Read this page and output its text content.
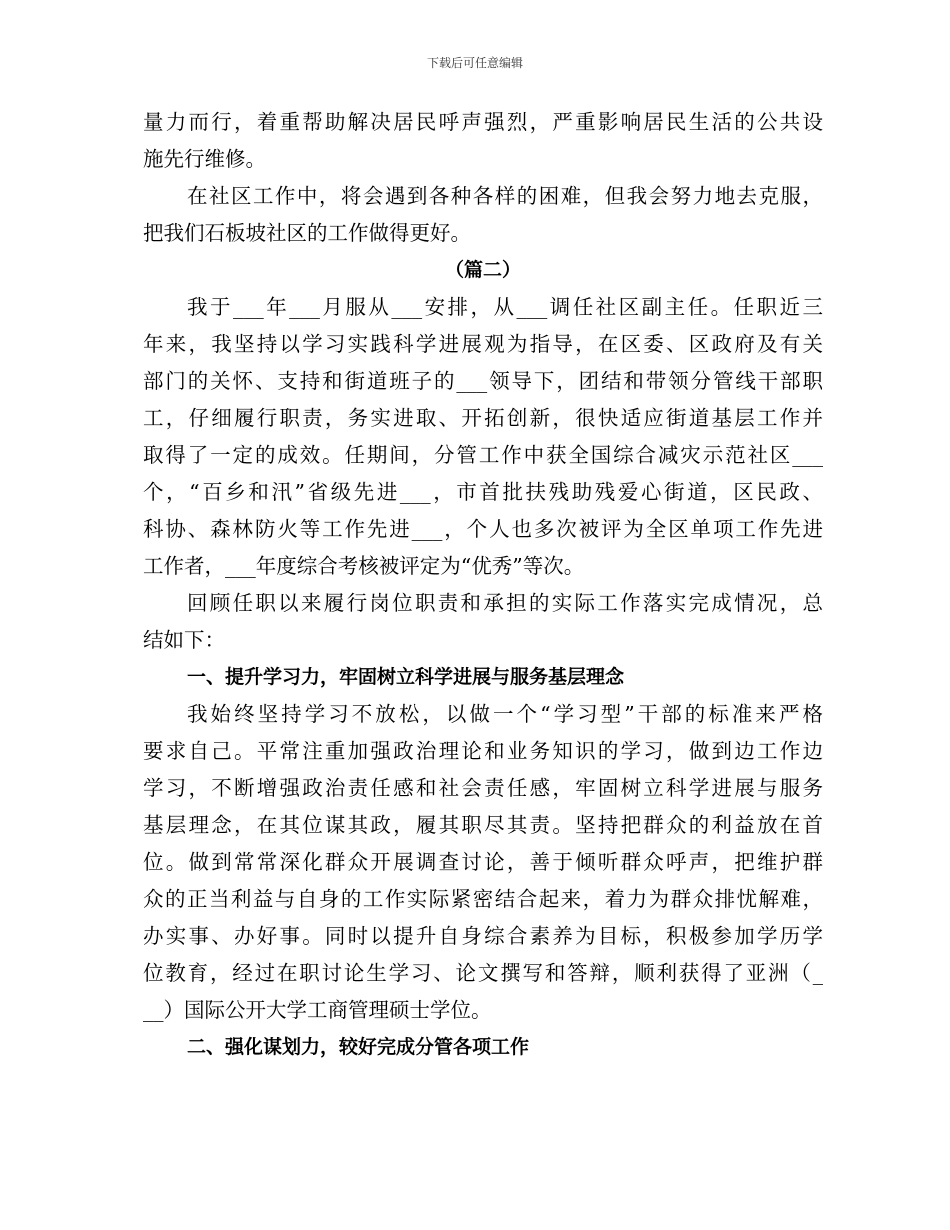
下载后可任意编辑
量力而行，着重帮助解决居民呼声强烈，严重影响居民生活的公共设
施先行维修。
在社区工作中，将会遇到各种各样的困难，但我会努力地去克服，
把我们石板坡社区的工作做得更好。
（篇二）
我于___年___月服从___安排，从___调任社区副主任。任职近三
年来，我坚持以学习实践科学进展观为指导，在区委、区政府及有关
部门的关怀、支持和街道班子的___领导下，团结和带领分管线干部职
工，仔细履行职责，务实进取、开拓创新，很快适应街道基层工作并
取得了一定的成效。任期间，分管工作中获全国综合减灾示范社区___
个，“百乡和汛”省级先进___，市首批扶残助残爱心街道，区民政、
科协、森林防火等工作先进___，个人也多次被评为全区单项工作先进
工作者，___年度综合考核被评定为“优秀”等次。
回顾任职以来履行岗位职责和承担的实际工作落实完成情况，总
结如下：
一、提升学习力，牢固树立科学进展与服务基层理念
我始终坚持学习不放松，以做一个“学习型”干部的标准来严格
要求自己。平常注重加强政治理论和业务知识的学习，做到边工作边
学习，不断增强政治责任感和社会责任感，牢固树立科学进展与服务
基层理念，在其位谋其政，履其职尽其责。坚持把群众的利益放在首
位。做到常常深化群众开展调查讨论，善于倾听群众呼声，把维护群
众的正当利益与自身的工作实际紧密结合起来，着力为群众排忧解难，
办实事、办好事。同时以提升自身综合素养为目标，积极参加学历学
位教育，经过在职讨论生学习、论文撰写和答辩，顺利获得了亚洲（_
__）国际公开大学工商管理硕士学位。
二、强化谋划力，较好完成分管各项工作
